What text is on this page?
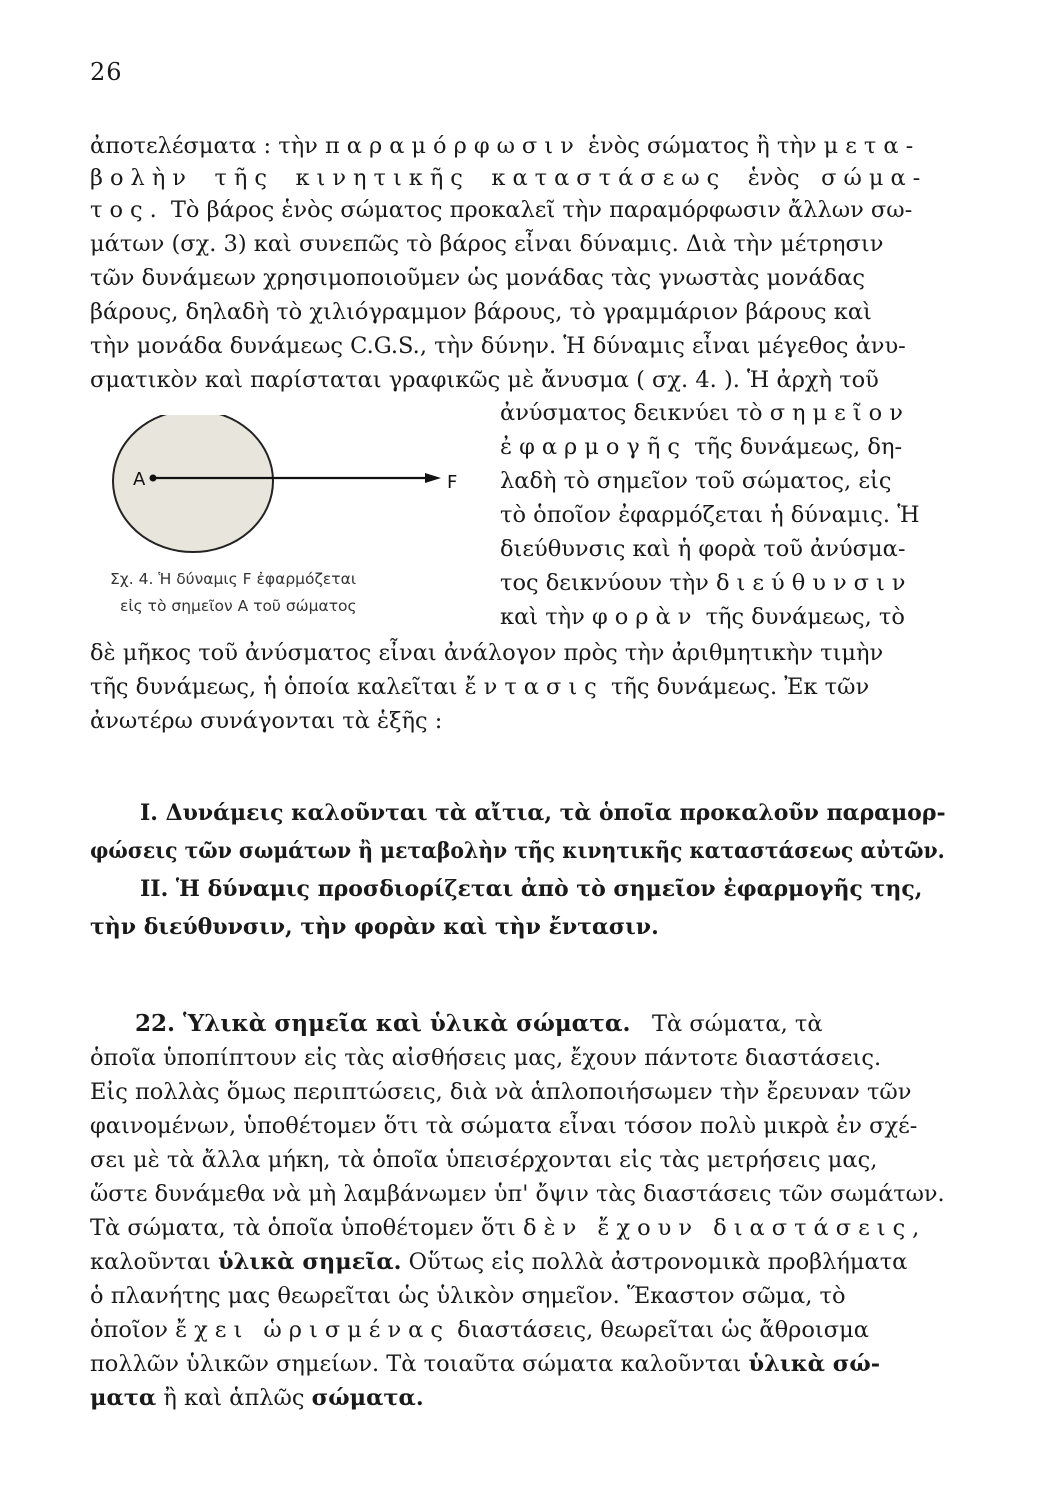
26
ἀποτελέσματα : τὴν παραμόρφωσιν ἑνὸς σώματος ἢ τὴν μετα-
βολὴν τῆς κινητικῆς καταστάσεως ἑνὸς σώμα-
τος. Τὸ βάρος ἑνὸς σώματος προκαλεῖ τὴν παραμόρφωσιν ἄλλων σω-
μάτων (σχ. 3) καὶ συνεπῶς τὸ βάρος εἶναι δύναμις. Διὰ τὴν μέτρησιν
τῶν δυνάμεων χρησιμοποιοῦμεν ὡς μονάδας τὰς γνωστὰς μονάδας
βάρους, δηλαδὴ τὸ χιλιόγραμμον βάρους, τὸ γραμμάριον βάρους καὶ
τὴν μονάδα δυνάμεως C.G.S., τὴν δύνην. Ἡ δύναμις εἶναι μέγεθος ἀνυ-
σματικὸν καὶ παρίσταται γραφικῶς μὲ ἄνυσμα ( σχ. 4. ). Ἡ ἀρχὴ τοῦ
A	F
Σχ. 4. Ἡ δύναμις F ἐφαρμόζεται
εἰς τὸ σημεῖον Α τοῦ σώματος
ἀνύσματος δεικνύει τὸ σημεῖον
ἐφαρμογῆς τῆς δυνάμεως, δη-
λαδὴ τὸ σημεῖον τοῦ σώματος, εἰς
τὸ ὁποῖον ἐφαρμόζεται ἡ δύναμις. Ἡ
διεύθυνσις καὶ ἡ φορὰ τοῦ ἀνύσμα-
τος δεικνύουν τὴν διεύθυνσιν
καὶ τὴν φορὰν τῆς δυνάμεως, τὸ
δὲ μῆκος τοῦ ἀνύσματος εἶναι ἀνάλογον πρὸς τὴν ἀριθμητικὴν τιμὴν
τῆς δυνάμεως, ἡ ὁποία καλεῖται ἔντασις τῆς δυνάμεως. Ἐκ τῶν
ἀνωτέρω συνάγονται τὰ ἑξῆς :
I. Δυνάμεις καλοῦνται τὰ αἴτια, τὰ ὁποῖα προκαλοῦν παραμορ-
φώσεις τῶν σωμάτων ἢ μεταβολὴν τῆς κινητικῆς καταστάσεως αὐτῶν.
II. Ἡ δύναμις προσδιορίζεται ἀπὸ τὸ σημεῖον ἐφαρμογῆς της,
τὴν διεύθυνσιν, τὴν φορὰν καὶ τὴν ἔντασιν.
22. Ὑλικὰ σημεῖα καὶ ὑλικὰ σώματα. Τὰ σώματα, τὰ
ὁποῖα ὑποπίπτουν εἰς τὰς αἰσθήσεις μας, ἔχουν πάντοτε διαστάσεις.
Εἰς πολλὰς ὅμως περιπτώσεις, διὰ νὰ ἁπλοποιήσωμεν τὴν ἔρευναν τῶν
φαινομένων, ὑποθέτομεν ὅτι τὰ σώματα εἶναι τόσον πολὺ μικρὰ ἐν σχέ-
σει μὲ τὰ ἄλλα μήκη, τὰ ὁποῖα ὑπεισέρχονται εἰς τὰς μετρήσεις μας,
ὥστε δυνάμεθα νὰ μὴ λαμβάνωμεν ὑπ' ὄψιν τὰς διαστάσεις τῶν σωμάτων.
Τὰ σώματα, τὰ ὁποῖα ὑποθέτομεν ὅτι δὲν ἔχουν διαστάσεις,
καλοῦνται ὑλικὰ σημεῖα. Οὕτως εἰς πολλὰ ἀστρονομικὰ προβλήματα
ὁ πλανήτης μας θεωρεῖται ὡς ὑλικὸν σημεῖον. Ἕκαστον σῶμα, τὸ
ὁποῖον ἔχει ὡρισμένας διαστάσεις, θεωρεῖται ὡς ἄθροισμα
πολλῶν ὑλικῶν σημείων. Τὰ τοιαῦτα σώματα καλοῦνται ὑλικὰ σώ-
ματα ἢ καὶ ἁπλῶς σώματα.
